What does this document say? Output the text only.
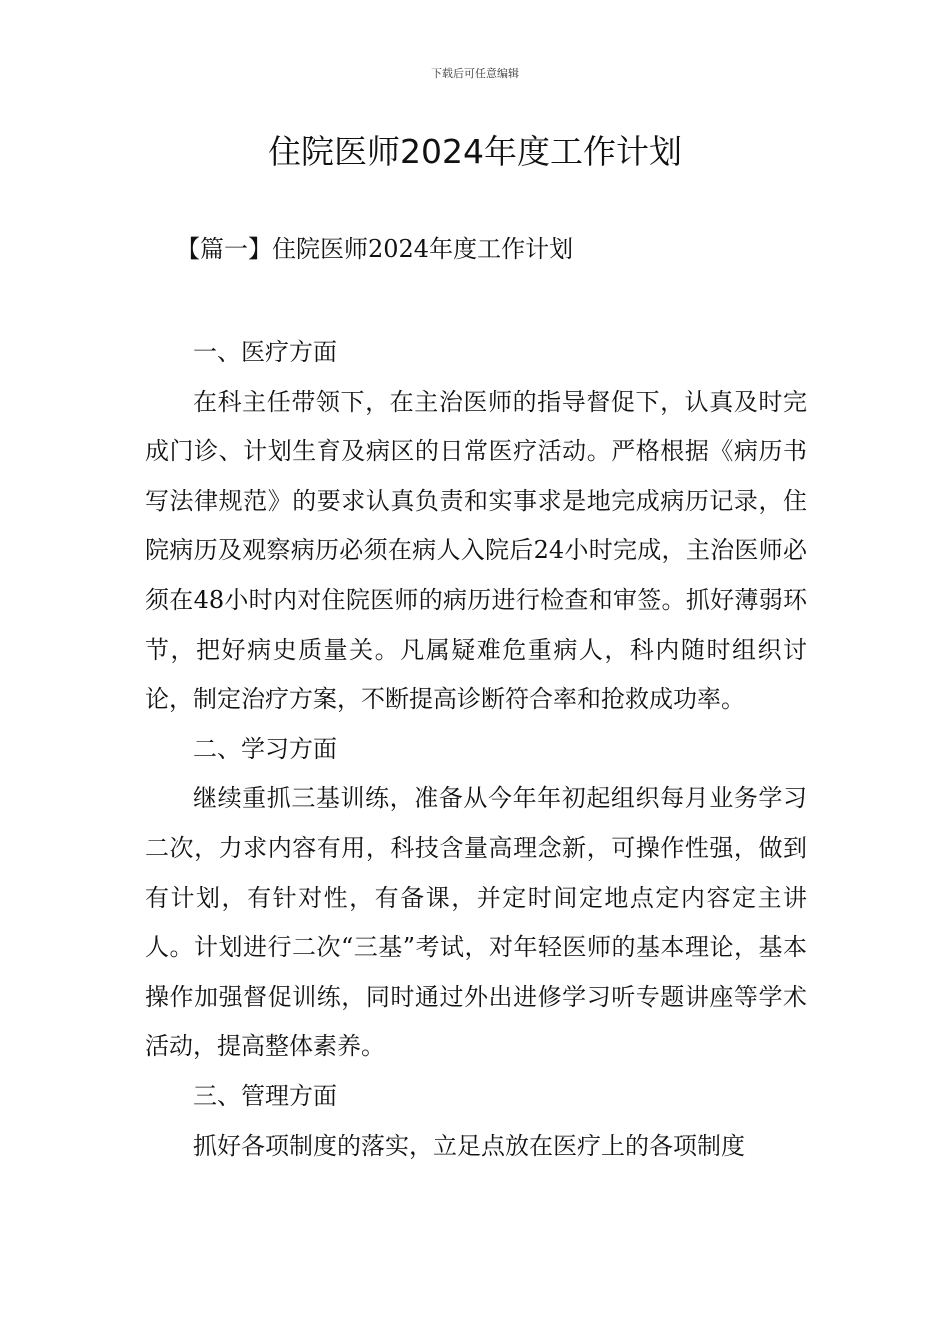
下载后可任意编辑
住院医师2024年度工作计划
【篇一】住院医师2024年度工作计划

一、医疗方面

在科主任带领下，在主治医师的指导督促下，认真及时完成门诊、计划生育及病区的日常医疗活动。严格根据《病历书写法律规范》的要求认真负责和实事求是地完成病历记录，住院病历及观察病历必须在病人入院后24小时完成，主治医师必须在48小时内对住院医师的病历进行检查和审签。抓好薄弱环节，把好病史质量关。凡属疑难危重病人，科内随时组织讨论，制定治疗方案，不断提高诊断符合率和抢救成功率。

二、学习方面

继续重抓三基训练，准备从今年年初起组织每月业务学习二次，力求内容有用，科技含量高理念新，可操作性强，做到有计划，有针对性，有备课，并定时间定地点定内容定主讲人。计划进行二次“三基”考试，对年轻医师的基本理论，基本操作加强督促训练，同时通过外出进修学习听专题讲座等学术活动，提高整体素养。

三、管理方面

抓好各项制度的落实，立足点放在医疗上的各项制度
